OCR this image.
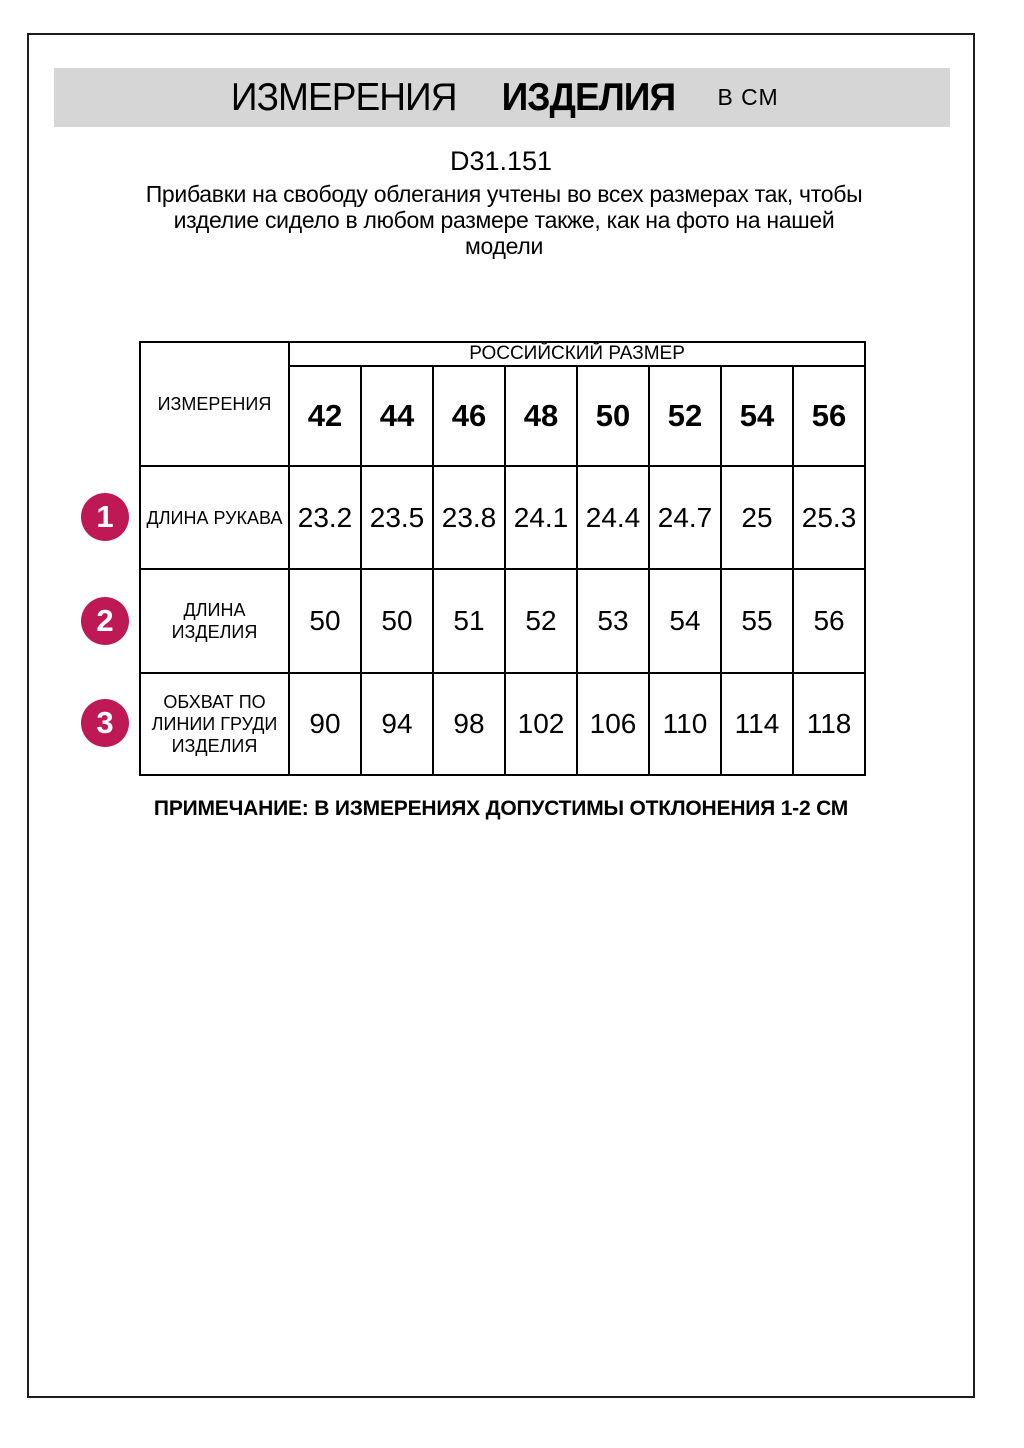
ИЗМЕРЕНИЯ ИЗДЕЛИЯ В СМ
D31.151
Прибавки на свободу облегания учтены во всех размерах так, чтобы изделие сидело в любом размере также, как на фото на нашей модели
ИЗМЕРЕНИЯ	РОССИЙСКИЙ РАЗМЕР							
	42	44	46	48	50	52	54	56
ДЛИНА РУКАВА	23.2	23.5	23.8	24.1	24.4	24.7	25	25.3
ДЛИНА ИЗДЕЛИЯ	50	50	51	52	53	54	55	56
ОБХВАТ ПО ЛИНИИ ГРУДИ ИЗДЕЛИЯ	90	94	98	102	106	110	114	118
1
2
3
ПРИМЕЧАНИЕ: В ИЗМЕРЕНИЯХ ДОПУСТИМЫ ОТКЛОНЕНИЯ 1-2 СМ
